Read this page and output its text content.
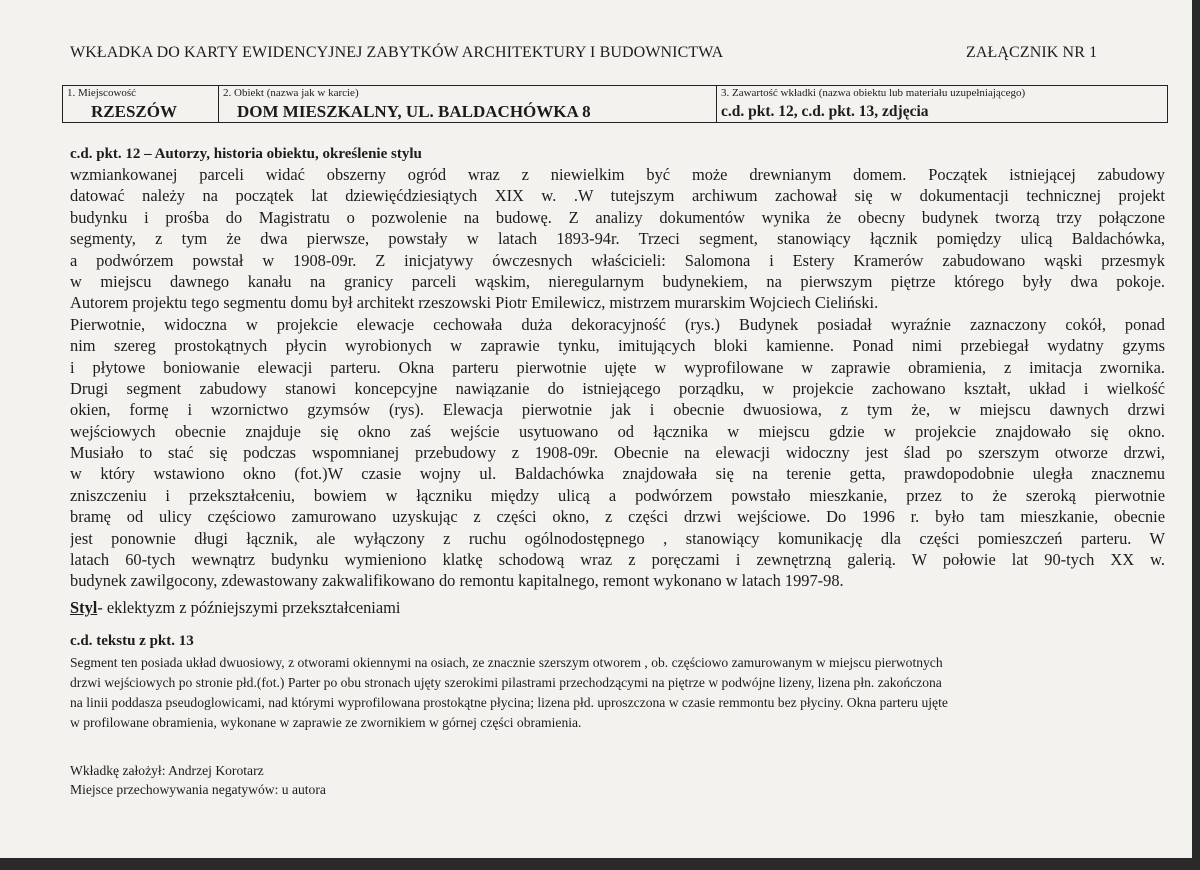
WKŁADKA DO KARTY EWIDENCYJNEJ ZABYTKÓW ARCHITEKTURY I BUDOWNICTWA	ZAŁĄCZNIK NR 1
1. Miejscowość
RZESZÓW
2. Obiekt (nazwa jak w karcie)
DOM MIESZKALNY, UL. BALDACHÓWKA 8
3. Zawartość wkładki (nazwa obiektu lub materiału uzupełniającego)
c.d. pkt. 12, c.d. pkt. 13, zdjęcia
c.d. pkt. 12 – Autorzy, historia obiektu, określenie stylu
wzmiankowanej parceli widać obszerny ogród wraz z niewielkim być może drewnianym domem. Początek istniejącej zabudowy
datować należy na początek lat dziewięćdziesiątych XIX w. .W tutejszym archiwum zachował się w dokumentacji technicznej projekt
budynku i prośba do Magistratu o pozwolenie na budowę. Z analizy dokumentów wynika że obecny budynek tworzą trzy połączone
segmenty, z tym że dwa pierwsze, powstały w latach 1893-94r. Trzeci segment, stanowiący łącznik pomiędzy ulicą Baldachówka,
a podwórzem powstał w 1908-09r. Z inicjatywy ówczesnych właścicieli: Salomona i Estery Kramerów zabudowano wąski przesmyk
w miejscu dawnego kanału na granicy parceli wąskim, nieregularnym budynekiem, na pierwszym piętrze którego były dwa pokoje.
Autorem projektu tego segmentu domu był architekt rzeszowski Piotr Emilewicz, mistrzem murarskim Wojciech Cieliński.
Pierwotnie, widoczna w projekcie elewacje cechowała duża dekoracyjność (rys.) Budynek posiadał wyraźnie zaznaczony cokół, ponad
nim szereg prostokątnych płycin wyrobionych w zaprawie tynku, imitujących bloki kamienne. Ponad nimi przebiegał wydatny gzyms
i płytowe boniowanie elewacji parteru. Okna parteru pierwotnie ujęte w wyprofilowane w zaprawie obramienia, z imitacja zwornika.
Drugi segment zabudowy stanowi koncepcyjne nawiązanie do istniejącego porządku, w projekcie zachowano kształt, układ i wielkość
okien, formę i wzornictwo gzymsów (rys). Elewacja pierwotnie jak i obecnie dwuosiowa, z tym że, w miejscu dawnych drzwi
wejściowych obecnie znajduje się okno zaś wejście usytuowano od łącznika w miejscu gdzie w projekcie znajdowało się okno.
Musiało to stać się podczas wspomnianej przebudowy z 1908-09r. Obecnie na elewacji widoczny jest ślad po szerszym otworze drzwi,
w który wstawiono okno (fot.)W czasie wojny ul. Baldachówka znajdowała się na terenie getta, prawdopodobnie uległa znacznemu
zniszczeniu i przekształceniu, bowiem w łączniku między ulicą a podwórzem powstało mieszkanie, przez to że szeroką pierwotnie
bramę od ulicy częściowo zamurowano uzyskując z części okno, z części drzwi wejściowe. Do 1996 r. było tam mieszkanie, obecnie
jest ponownie długi łącznik, ale wyłączony z ruchu ogólnodostępnego , stanowiący komunikację dla części pomieszczeń parteru. W
latach 60-tych wewnątrz budynku wymieniono klatkę schodową wraz z poręczami i zewnętrzną galerią. W połowie lat 90-tych XX w.
budynek zawilgocony, zdewastowany zakwalifikowano do remontu kapitalnego, remont wykonano w latach 1997-98.
Styl- eklektyzm z późniejszymi przekształceniami
c.d. tekstu z pkt. 13
Segment ten posiada układ dwuosiowy, z otworami okiennymi na osiach, ze znacznie szerszym otworem , ob. częściowo zamurowanym w miejscu pierwotnych
drzwi wejściowych po stronie płd.(fot.) Parter po obu stronach ujęty szerokimi pilastrami przechodzącymi na piętrze w podwójne lizeny, lizena płn. zakończona
na linii poddasza pseudoglowicami, nad którymi wyprofilowana prostokątne płycina; lizena płd. uproszczona w czasie remmontu bez płyciny. Okna parteru ujęte
w profilowane obramienia, wykonane w zaprawie ze zwornikiem w górnej części obramienia.
Wkładkę założył: Andrzej Korotarz
Miejsce przechowywania negatywów: u autora
